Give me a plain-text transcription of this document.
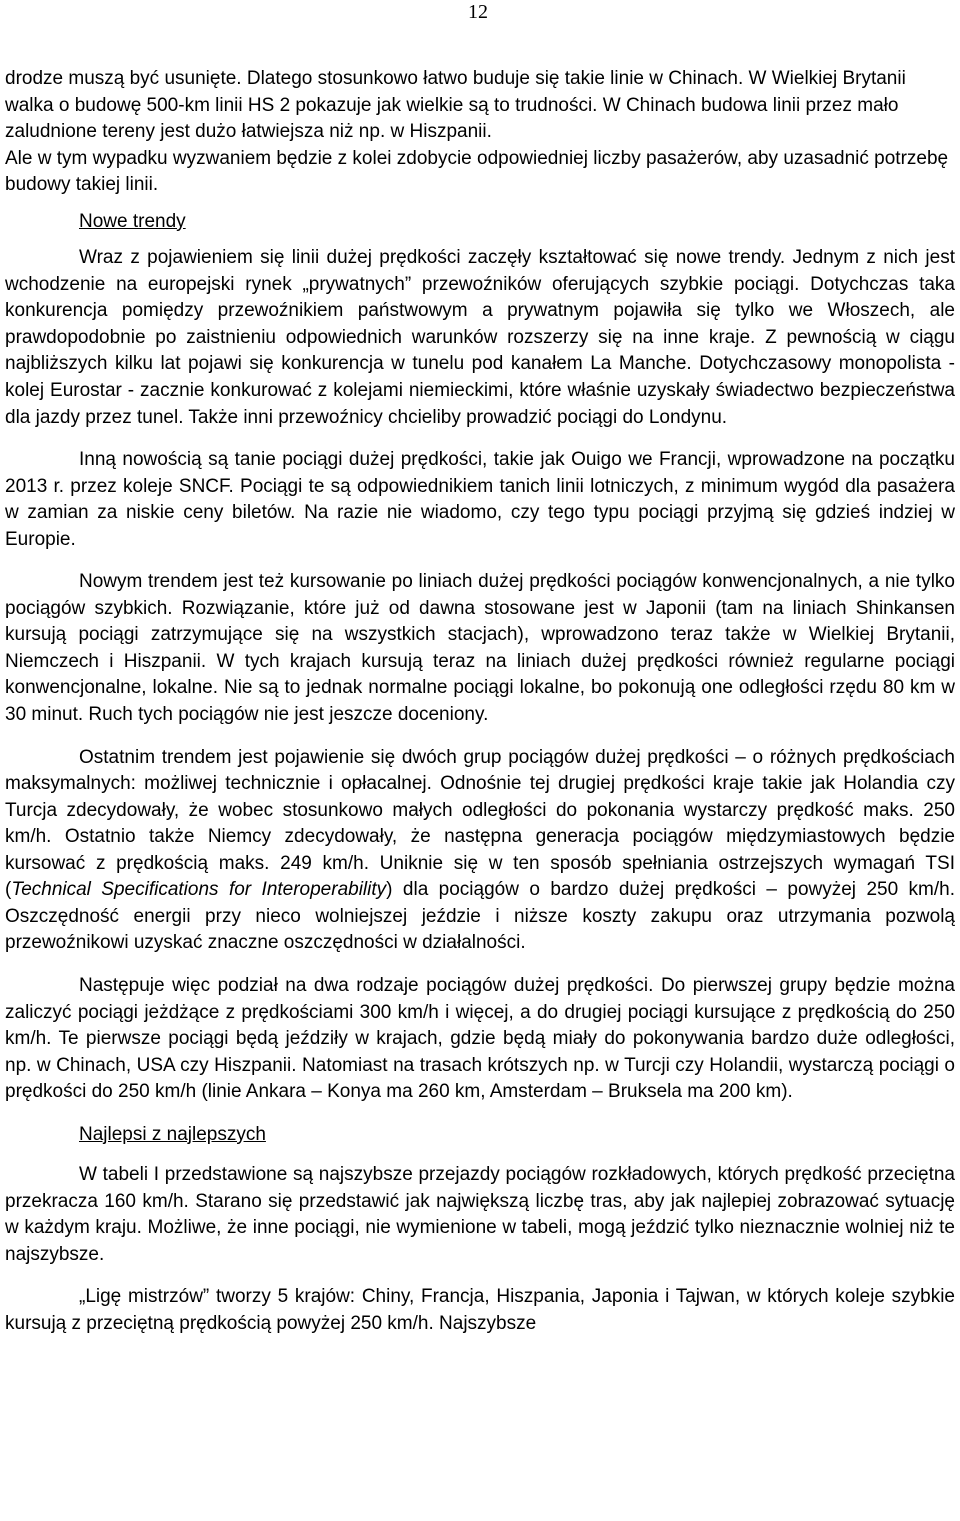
12

drodze muszą być usunięte. Dlatego stosunkowo łatwo buduje się takie linie w Chinach. W Wielkiej Brytanii walka o budowę 500-km linii HS 2 pokazuje jak wielkie są to trudności. W Chinach budowa linii przez mało zaludnione tereny jest dużo łatwiejsza niż np. w Hiszpanii.

Ale w tym wypadku wyzwaniem będzie z kolei zdobycie odpowiedniej liczby pasażerów, aby uzasadnić potrzebę budowy takiej linii.

Nowe trendy

Wraz z pojawieniem się linii dużej prędkości zaczęły kształtować się nowe trendy. Jednym z nich jest wchodzenie na europejski rynek „prywatnych” przewoźników oferujących szybkie pociągi. Dotychczas taka konkurencja pomiędzy przewoźnikiem państwowym a prywatnym pojawiła się tylko we Włoszech, ale prawdopodobnie po zaistnieniu odpowiednich warunków rozszerzy się na inne kraje. Z pewnością w ciągu najbliższych kilku lat pojawi się konkurencja w tunelu pod kanałem La Manche. Dotychczasowy monopolista - kolej Eurostar - zacznie konkurować z kolejami niemieckimi, które właśnie uzyskały świadectwo bezpieczeństwa dla jazdy przez tunel. Także inni przewoźnicy chcieliby prowadzić pociągi do Londynu.

Inną nowością są tanie pociągi dużej prędkości, takie jak Ouigo we Francji, wprowadzone na początku 2013 r. przez koleje SNCF. Pociągi te są odpowiednikiem tanich linii lotniczych, z minimum wygód dla pasażera w zamian za niskie ceny biletów. Na razie nie wiadomo, czy tego typu pociągi przyjmą się gdzieś indziej w Europie.

Nowym trendem jest też kursowanie po liniach dużej prędkości pociągów konwencjonalnych, a nie tylko pociągów szybkich. Rozwiązanie, które już od dawna stosowane jest w Japonii (tam na liniach Shinkansen kursują pociągi zatrzymujące się na wszystkich stacjach), wprowadzono teraz także w Wielkiej Brytanii, Niemczech i Hiszpanii. W tych krajach kursują teraz na liniach dużej prędkości również regularne pociągi konwencjonalne, lokalne. Nie są to jednak normalne pociągi lokalne, bo pokonują one odległości rzędu 80 km w 30 minut. Ruch tych pociągów nie jest jeszcze doceniony.

Ostatnim trendem jest pojawienie się dwóch grup pociągów dużej prędkości – o różnych prędkościach maksymalnych: możliwej technicznie i opłacalnej. Odnośnie tej drugiej prędkości kraje takie jak Holandia czy Turcja zdecydowały, że wobec stosunkowo małych odległości do pokonania wystarczy prędkość maks. 250 km/h. Ostatnio także Niemcy zdecydowały, że następna generacja pociągów międzymiastowych będzie kursować z prędkością maks. 249 km/h. Uniknie się w ten sposób spełniania ostrzejszych wymagań TSI (Technical Specifications for Interoperability) dla pociągów o bardzo dużej prędkości – powyżej 250 km/h. Oszczędność energii przy nieco wolniejszej jeździe i niższe koszty zakupu oraz utrzymania pozwolą przewoźnikowi uzyskać znaczne oszczędności w działalności.

Następuje więc podział na dwa rodzaje pociągów dużej prędkości. Do pierwszej grupy będzie można zaliczyć pociągi jeżdżące z prędkościami 300 km/h i więcej, a do drugiej pociągi kursujące z prędkością do 250 km/h. Te pierwsze pociągi będą jeździły w krajach, gdzie będą miały do pokonywania bardzo duże odległości, np. w Chinach, USA czy Hiszpanii. Natomiast na trasach krótszych np. w Turcji czy Holandii, wystarczą pociągi o prędkości do 250 km/h (linie Ankara – Konya ma 260 km, Amsterdam – Bruksela ma 200 km).

Najlepsi z najlepszych

W tabeli I przedstawione są najszybsze przejazdy pociągów rozkładowych, których prędkość przeciętna przekracza 160 km/h. Starano się przedstawić jak największą liczbę tras, aby jak najlepiej zobrazować sytuację w każdym kraju. Możliwe, że inne pociągi, nie wymienione w tabeli, mogą jeździć tylko nieznacznie wolniej niż te najszybsze.

„Ligę mistrzów” tworzy 5 krajów: Chiny, Francja, Hiszpania, Japonia i Tajwan, w których koleje szybkie kursują z przeciętną prędkością powyżej 250 km/h. Najszybsze
